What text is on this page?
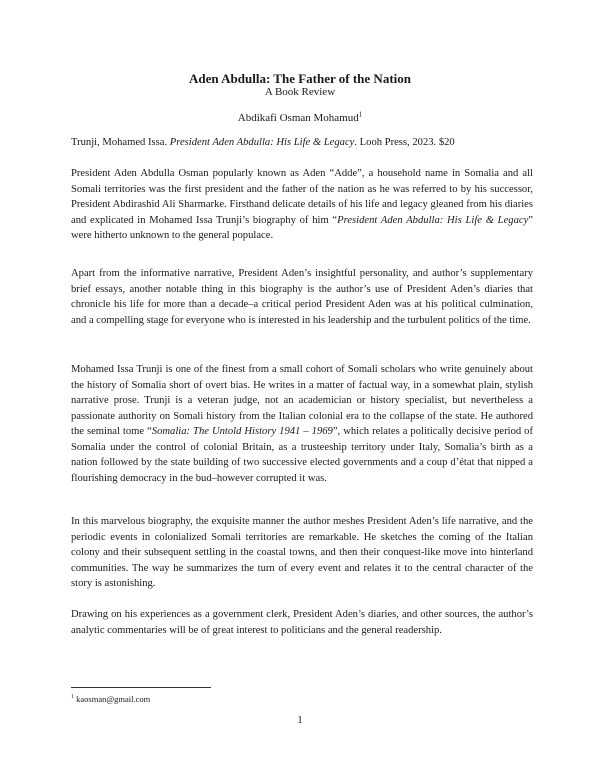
Aden Abdulla: The Father of the Nation
A Book Review
Abdikafi Osman Mohamud$^1$
Trunji, Mohamed Issa. President Aden Abdulla: His Life & Legacy. Looh Press, 2023. $20

President Aden Abdulla Osman popularly known as Aden “Adde”, a household name in Somalia and all Somali territories was the first president and the father of the nation as he was referred to by his successor, President Abdirashid Ali Sharmarke. Firsthand delicate details of his life and legacy gleaned from his diaries and explicated in Mohamed Issa Trunji’s biography of him “President Aden Abdulla: His Life & Legacy” were hitherto unknown to the general populace.

Apart from the informative narrative, President Aden’s insightful personality, and author’s supplementary brief essays, another notable thing in this biography is the author’s use of President Aden’s diaries that chronicle his life for more than a decade–a critical period President Aden was at his political culmination, and a compelling stage for everyone who is interested in his leadership and the turbulent politics of the time.

Mohamed Issa Trunji is one of the finest from a small cohort of Somali scholars who write genuinely about the history of Somalia short of overt bias. He writes in a matter of factual way, in a somewhat plain, stylish narrative prose. Trunji is a veteran judge, not an academician or history specialist, but nevertheless a passionate authority on Somali history from the Italian colonial era to the collapse of the state. He authored the seminal tome “Somalia: The Untold History 1941 – 1969”, which relates a politically decisive period of Somalia under the control of colonial Britain, as a trusteeship territory under Italy, Somalia’s birth as a nation followed by the state building of two successive elected governments and a coup d’état that nipped a flourishing democracy in the bud–however corrupted it was.

In this marvelous biography, the exquisite manner the author meshes President Aden’s life narrative, and the periodic events in colonialized Somali territories are remarkable. He sketches the coming of the Italian colony and their subsequent settling in the coastal towns, and then their conquest-like move into hinterland communities. The way he summarizes the turn of every event and relates it to the central character of the story is astonishing.

Drawing on his experiences as a government clerk, President Aden’s diaries, and other sources, the author’s analytic commentaries will be of great interest to politicians and the general readership.

$^1$ kaosman@gmail.com
1
